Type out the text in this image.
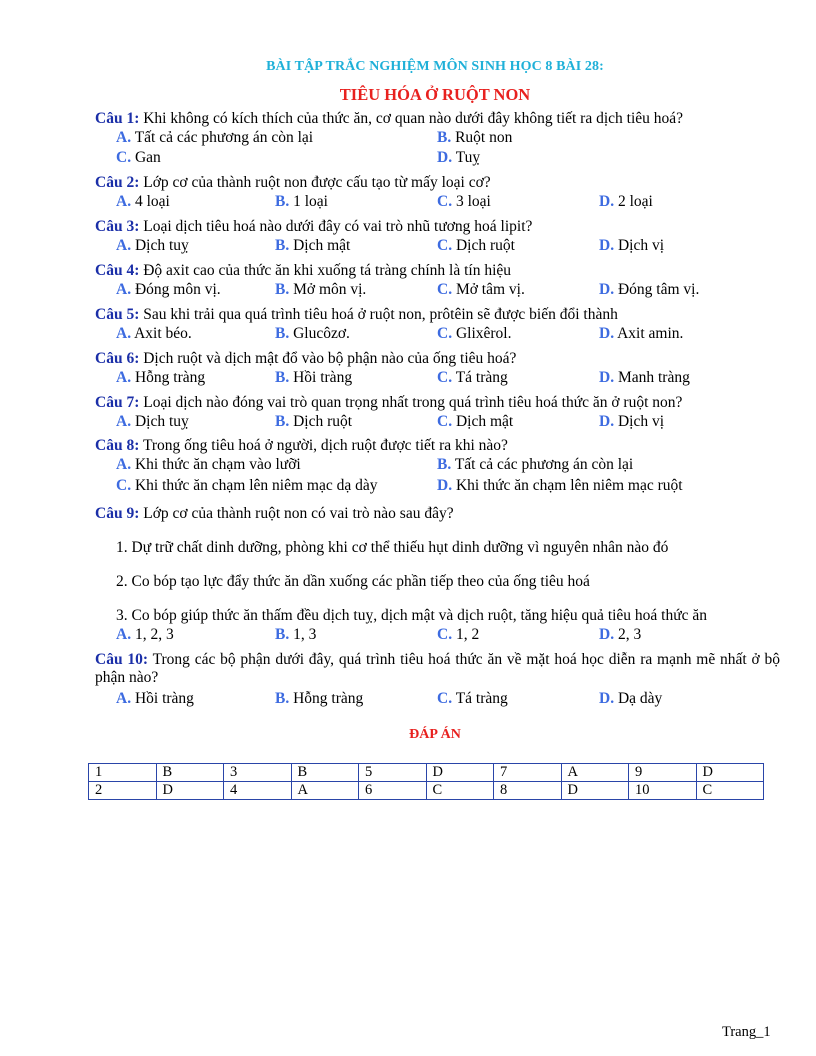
BÀI TẬP TRẮC NGHIỆM MÔN SINH HỌC 8 BÀI 28:
TIÊU HÓA Ở RUỘT NON
Câu 1: Khi không có kích thích của thức ăn, cơ quan nào dưới đây không tiết ra dịch tiêu hoá?
A. Tất cả các phương án còn lại	B. Ruột non
C. Gan	D. Tuỵ
Câu 2: Lớp cơ của thành ruột non được cấu tạo từ mấy loại cơ?
A. 4 loại	B. 1 loại	C. 3 loại	D. 2 loại
Câu 3: Loại dịch tiêu hoá nào dưới đây có vai trò nhũ tương hoá lipit?
A. Dịch tuỵ	B. Dịch mật	C. Dịch ruột	D. Dịch vị
Câu 4: Độ axit cao của thức ăn khi xuống tá tràng chính là tín hiệu
A. Đóng môn vị.	B. Mở môn vị.	C. Mở tâm vị.	D. Đóng tâm vị.
Câu 5: Sau khi trải qua quá trình tiêu hoá ở ruột non, prôtêin sẽ được biến đổi thành
A. Axit béo.	B. Glucôzơ.	C. Glixêrol.	D. Axit amin.
Câu 6: Dịch ruột và dịch mật đổ vào bộ phận nào của ống tiêu hoá?
A. Hỗng tràng	B. Hồi tràng	C. Tá tràng	D. Manh tràng
Câu 7: Loại dịch nào đóng vai trò quan trọng nhất trong quá trình tiêu hoá thức ăn ở ruột non?
A. Dịch tuỵ	B. Dịch ruột	C. Dịch mật	D. Dịch vị
Câu 8: Trong ống tiêu hoá ở người, dịch ruột được tiết ra khi nào?
A. Khi thức ăn chạm vào lưỡi	B. Tất cả các phương án còn lại
C. Khi thức ăn chạm lên niêm mạc dạ dày	D. Khi thức ăn chạm lên niêm mạc ruột
Câu 9: Lớp cơ của thành ruột non có vai trò nào sau đây?
1. Dự trữ chất dinh dưỡng, phòng khi cơ thể thiếu hụt dinh dưỡng vì nguyên nhân nào đó
2. Co bóp tạo lực đẩy thức ăn dần xuống các phần tiếp theo của ống tiêu hoá
3. Co bóp giúp thức ăn thấm đều dịch tuỵ, dịch mật và dịch ruột, tăng hiệu quả tiêu hoá thức ăn
A. 1, 2, 3	B. 1, 3	C. 1, 2	D. 2, 3
Câu 10: Trong các bộ phận dưới đây, quá trình tiêu hoá thức ăn về mặt hoá học diễn ra mạnh mẽ nhất ở bộ phận nào?
A. Hồi tràng	B. Hỗng tràng	C. Tá tràng	D. Dạ dày
ĐÁP ÁN
1	B	3	B	5	D	7	A	9	D
2	D	4	A	6	C	8	D	10	C
Trang_1
